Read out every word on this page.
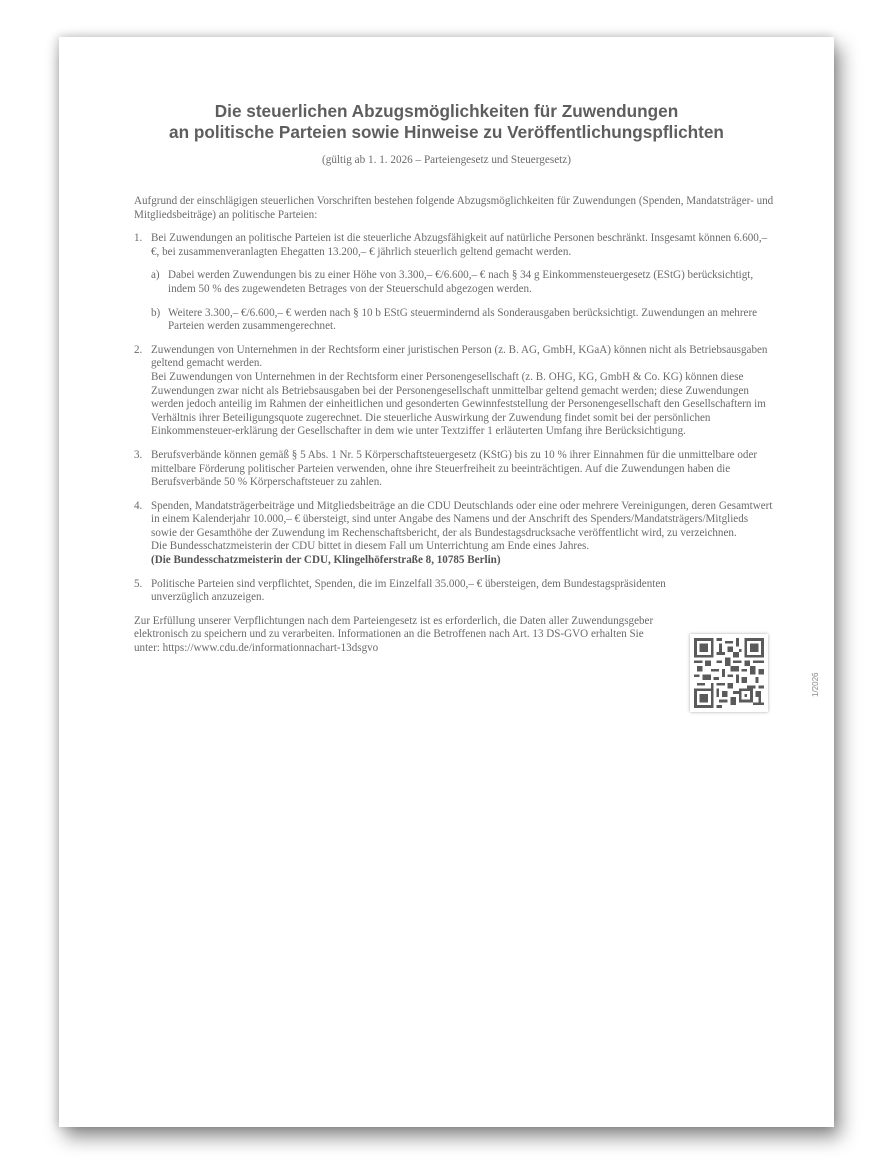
Die steuerlichen Abzugsmöglichkeiten für Zuwendungen
an politische Parteien sowie Hinweise zu Veröffentlichungspflichten
(gültig ab 1. 1. 2026 – Parteiengesetz und Steuergesetz)

Aufgrund der einschlägigen steuerlichen Vorschriften bestehen folgende Abzugsmöglichkeiten für Zuwendungen (Spenden, Mandatsträger- und Mitgliedsbeiträge) an politische Parteien:

1. Bei Zuwendungen an politische Parteien ist die steuerliche Abzugsfähigkeit auf natürliche Personen beschränkt. Insgesamt können 6.600,– €, bei zusammenveranlagten Ehegatten 13.200,– € jährlich steuerlich geltend gemacht werden.
a) Dabei werden Zuwendungen bis zu einer Höhe von 3.300,– €/6.600,– € nach § 34 g Einkommensteuergesetz (EStG) berücksichtigt, indem 50 % des zugewendeten Betrages von der Steuerschuld abgezogen werden.
b) Weitere 3.300,– €/6.600,– € werden nach § 10 b EStG steuermindernd als Sonderausgaben berücksichtigt. Zuwendungen an mehrere Parteien werden zusammengerechnet.
2. Zuwendungen von Unternehmen in der Rechtsform einer juristischen Person (z. B. AG, GmbH, KGaA) können nicht als Betriebsausgaben geltend gemacht werden.
Bei Zuwendungen von Unternehmen in der Rechtsform einer Personengesellschaft (z. B. OHG, KG, GmbH & Co. KG) können diese Zuwendungen zwar nicht als Betriebsausgaben bei der Personengesellschaft unmittelbar geltend gemacht werden; diese Zuwendungen werden jedoch anteilig im Rahmen der einheitlichen und gesonderten Gewinnfeststellung der Personengesellschaft den Gesellschaftern im Verhältnis ihrer Beteiligungsquote zugerechnet. Die steuerliche Auswirkung der Zuwendung findet somit bei der persönlichen Einkommensteuer-erklärung der Gesellschafter in dem wie unter Textziffer 1 erläuterten Umfang ihre Berücksichtigung.
3. Berufsverbände können gemäß § 5 Abs. 1 Nr. 5 Körperschaftsteuergesetz (KStG) bis zu 10 % ihrer Einnahmen für die unmittelbare oder mittelbare Förderung politischer Parteien verwenden, ohne ihre Steuerfreiheit zu beeinträchtigen. Auf die Zuwendungen haben die Berufsverbände 50 % Körperschaftsteuer zu zahlen.
4. Spenden, Mandatsträgerbeiträge und Mitgliedsbeiträge an die CDU Deutschlands oder eine oder mehrere Vereinigungen, deren Gesamtwert in einem Kalenderjahr 10.000,– € übersteigt, sind unter Angabe des Namens und der Anschrift des Spenders/Mandatsträgers/Mitglieds sowie der Gesamthöhe der Zuwendung im Rechenschaftsbericht, der als Bundestagsdrucksache veröffentlicht wird, zu verzeichnen.
Die Bundesschatzmeisterin der CDU bittet in diesem Fall um Unterrichtung am Ende eines Jahres.
(Die Bundesschatzmeisterin der CDU, Klingelhöferstraße 8, 10785 Berlin)
5. Politische Parteien sind verpflichtet, Spenden, die im Einzelfall 35.000,– € übersteigen, dem Bundestagspräsidenten unverzüglich anzuzeigen.

Zur Erfüllung unserer Verpflichtungen nach dem Parteiengesetz ist es erforderlich, die Daten aller Zuwendungsgeber elektronisch zu speichern und zu verarbeiten. Informationen an die Betroffenen nach Art. 13 DS-GVO erhalten Sie unter: https://www.cdu.de/informationnachart-13dsgvo

1/2026
